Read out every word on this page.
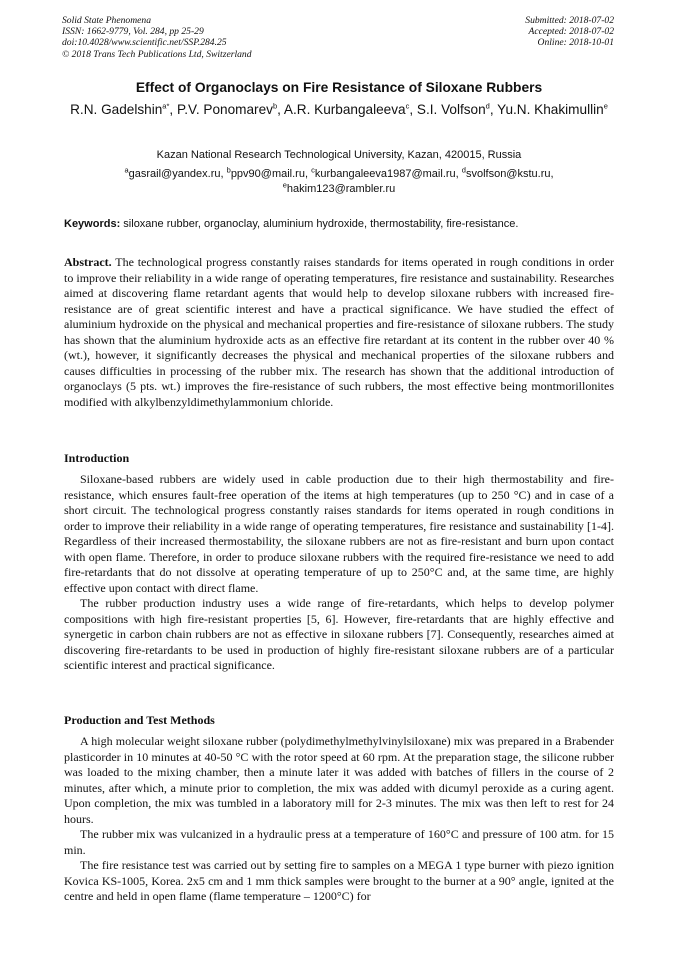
Solid State Phenomena
ISSN: 1662-9779, Vol. 284, pp 25-29
doi:10.4028/www.scientific.net/SSP.284.25
© 2018 Trans Tech Publications Ltd, Switzerland
Submitted: 2018-07-02
Accepted: 2018-07-02
Online: 2018-10-01
Effect of Organoclays on Fire Resistance of Siloxane Rubbers
R.N. Gadelshin$^{a*}$, P.V. Ponomarev$^b$, A.R. Kurbangaleeva$^c$, S.I. Volfson$^d$, Yu.N. Khakimullin$^e$
Kazan National Research Technological University, Kazan, 420015, Russia
$^a$gasrail@yandex.ru, $^b$ppv90@mail.ru, $^c$kurbangaleeva1987@mail.ru, $^d$svolfson@kstu.ru, $^e$hakim123@rambler.ru
Keywords: siloxane rubber, organoclay, aluminium hydroxide, thermostability, fire-resistance.
Abstract. The technological progress constantly raises standards for items operated in rough conditions in order to improve their reliability in a wide range of operating temperatures, fire resistance and sustainability. Researches aimed at discovering flame retardant agents that would help to develop siloxane rubbers with increased fire-resistance are of great scientific interest and have a practical significance. We have studied the effect of aluminium hydroxide on the physical and mechanical properties and fire-resistance of siloxane rubbers. The study has shown that the aluminium hydroxide acts as an effective fire retardant at its content in the rubber over 40 % (wt.), however, it significantly decreases the physical and mechanical properties of the siloxane rubbers and causes difficulties in processing of the rubber mix. The research has shown that the additional introduction of organoclays (5 pts. wt.) improves the fire-resistance of such rubbers, the most effective being montmorillonites modified with alkylbenzyldimethylammonium chloride.
Introduction

Siloxane-based rubbers are widely used in cable production due to their high thermostability and fire-resistance, which ensures fault-free operation of the items at high temperatures (up to 250 °C) and in case of a short circuit. The technological progress constantly raises standards for items operated in rough conditions in order to improve their reliability in a wide range of operating temperatures, fire resistance and sustainability [1-4]. Regardless of their increased thermostability, the siloxane rubbers are not as fire-resistant and burn upon contact with open flame. Therefore, in order to produce siloxane rubbers with the required fire-resistance we need to add fire-retardants that do not dissolve at operating temperature of up to 250°C and, at the same time, are highly effective upon contact with direct flame.

The rubber production industry uses a wide range of fire-retardants, which helps to develop polymer compositions with high fire-resistant properties [5, 6]. However, fire-retardants that are highly effective and synergetic in carbon chain rubbers are not as effective in siloxane rubbers [7]. Consequently, researches aimed at discovering fire-retardants to be used in production of highly fire-resistant siloxane rubbers are of a particular scientific interest and practical significance.

Production and Test Methods

A high molecular weight siloxane rubber (polydimethylmethylvinylsiloxane) mix was prepared in a Brabender plasticorder in 10 minutes at 40-50 °C with the rotor speed at 60 rpm. At the preparation stage, the silicone rubber was loaded to the mixing chamber, then a minute later it was added with batches of fillers in the course of 2 minutes, after which, a minute prior to completion, the mix was added with dicumyl peroxide as a curing agent. Upon completion, the mix was tumbled in a laboratory mill for 2-3 minutes. The mix was then left to rest for 24 hours.

The rubber mix was vulcanized in a hydraulic press at a temperature of 160°C and pressure of 100 atm. for 15 min.

The fire resistance test was carried out by setting fire to samples on a MEGA 1 type burner with piezo ignition Kovica KS-1005, Korea. 2x5 cm and 1 mm thick samples were brought to the burner at a 90° angle, ignited at the centre and held in open flame (flame temperature – 1200°C) for
